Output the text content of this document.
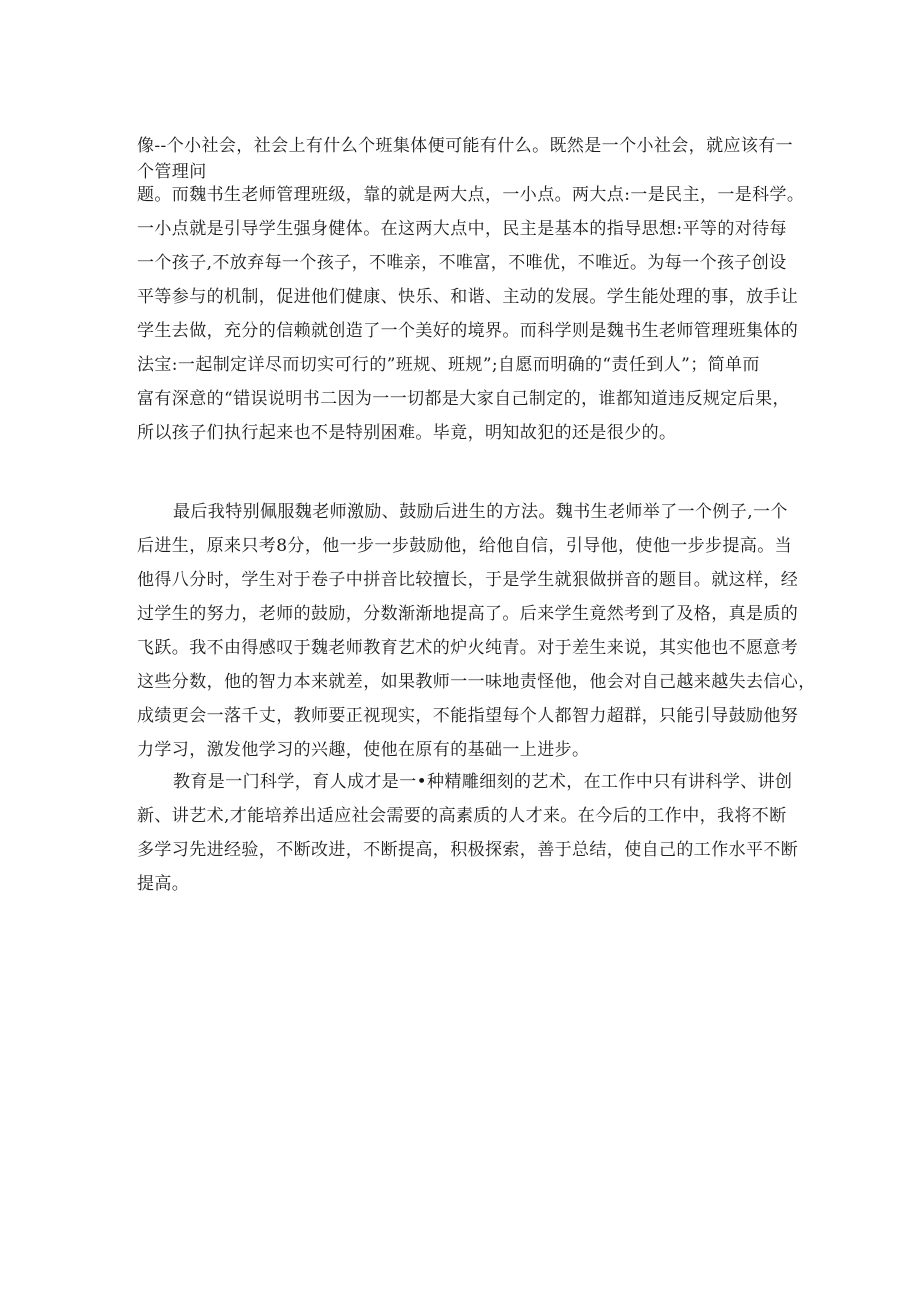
像--个小社会，社会上有什么个班集体便可能有什么。既然是一个小社会，就应该有一
个管理问
题。而魏书生老师管理班级，靠的就是两大点，一小点。两大点:一是民主，一是科学。
一小点就是引导学生强身健体。在这两大点中，民主是基本的指导思想:平等的对待每
一个孩子,不放弃每一个孩子，不唯亲，不唯富，不唯优，不唯近。为每一个孩子创设
平等参与的机制，促进他们健康、快乐、和谐、主动的发展。学生能处理的事，放手让
学生去做，充分的信赖就创造了一个美好的境界。而科学则是魏书生老师管理班集体的
法宝:一起制定详尽而切实可行的”班规、班规”;自愿而明确的“责任到人”；简单而
富有深意的“错误说明书二因为一一切都是大家自己制定的，谁都知道违反规定后果，
所以孩子们执行起来也不是特别困难。毕竟，明知故犯的还是很少的。
最后我特别佩服魏老师激励、鼓励后进生的方法。魏书生老师举了一个例子,一个
后进生，原来只考8分，他一步一步鼓励他，给他自信，引导他，使他一步步提高。当
他得八分时，学生对于卷子中拼音比较擅长，于是学生就狠做拼音的题目。就这样，经
过学生的努力，老师的鼓励，分数渐渐地提高了。后来学生竟然考到了及格，真是质的
飞跃。我不由得感叹于魏老师教育艺术的炉火纯青。对于差生来说，其实他也不愿意考
这些分数，他的智力本来就差，如果教师一一味地责怪他，他会对自己越来越失去信心，
成绩更会一落千丈，教师要正视现实，不能指望每个人都智力超群，只能引导鼓励他努
力学习，激发他学习的兴趣，使他在原有的基础一上进步。
教育是一门科学，育人成才是一•种精雕细刻的艺术，在工作中只有讲科学、讲创
新、讲艺术,才能培养出适应社会需要的高素质的人才来。在今后的工作中，我将不断
多学习先进经验，不断改进，不断提高，积极探索，善于总结，使自己的工作水平不断
提高。
